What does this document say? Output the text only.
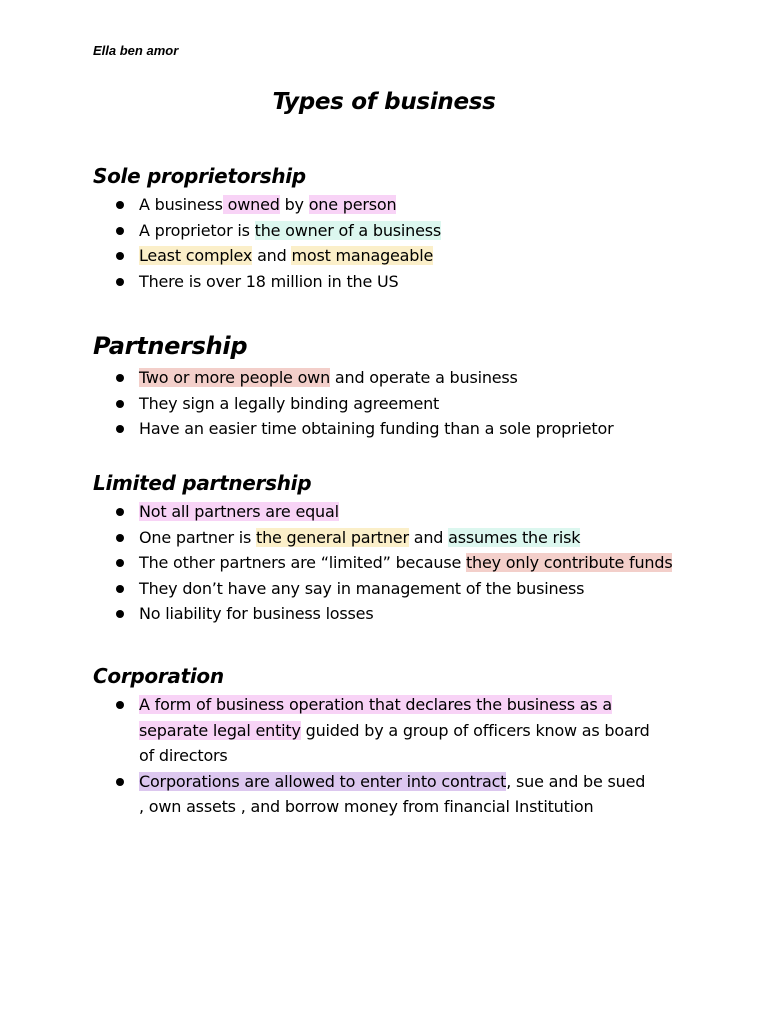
Ella ben amor
Types of business
Sole proprietorship
A business owned by one person
A proprietor is the owner of a business
Least complex and most manageable
There is over 18 million in the US
Partnership
Two or more people own and operate a business
They sign a legally binding agreement
Have an easier time obtaining funding than a sole proprietor
Limited partnership
Not all partners are equal
One partner is the general partner and assumes the risk
The other partners are “limited” because they only contribute funds
They don’t have any say in management of the business
No liability for business losses
Corporation
A form of business operation that declares the business as a separate legal entity guided by a group of officers know as board of directors
Corporations are allowed to enter into contract, sue and be sued , own assets , and borrow money from financial Institution
